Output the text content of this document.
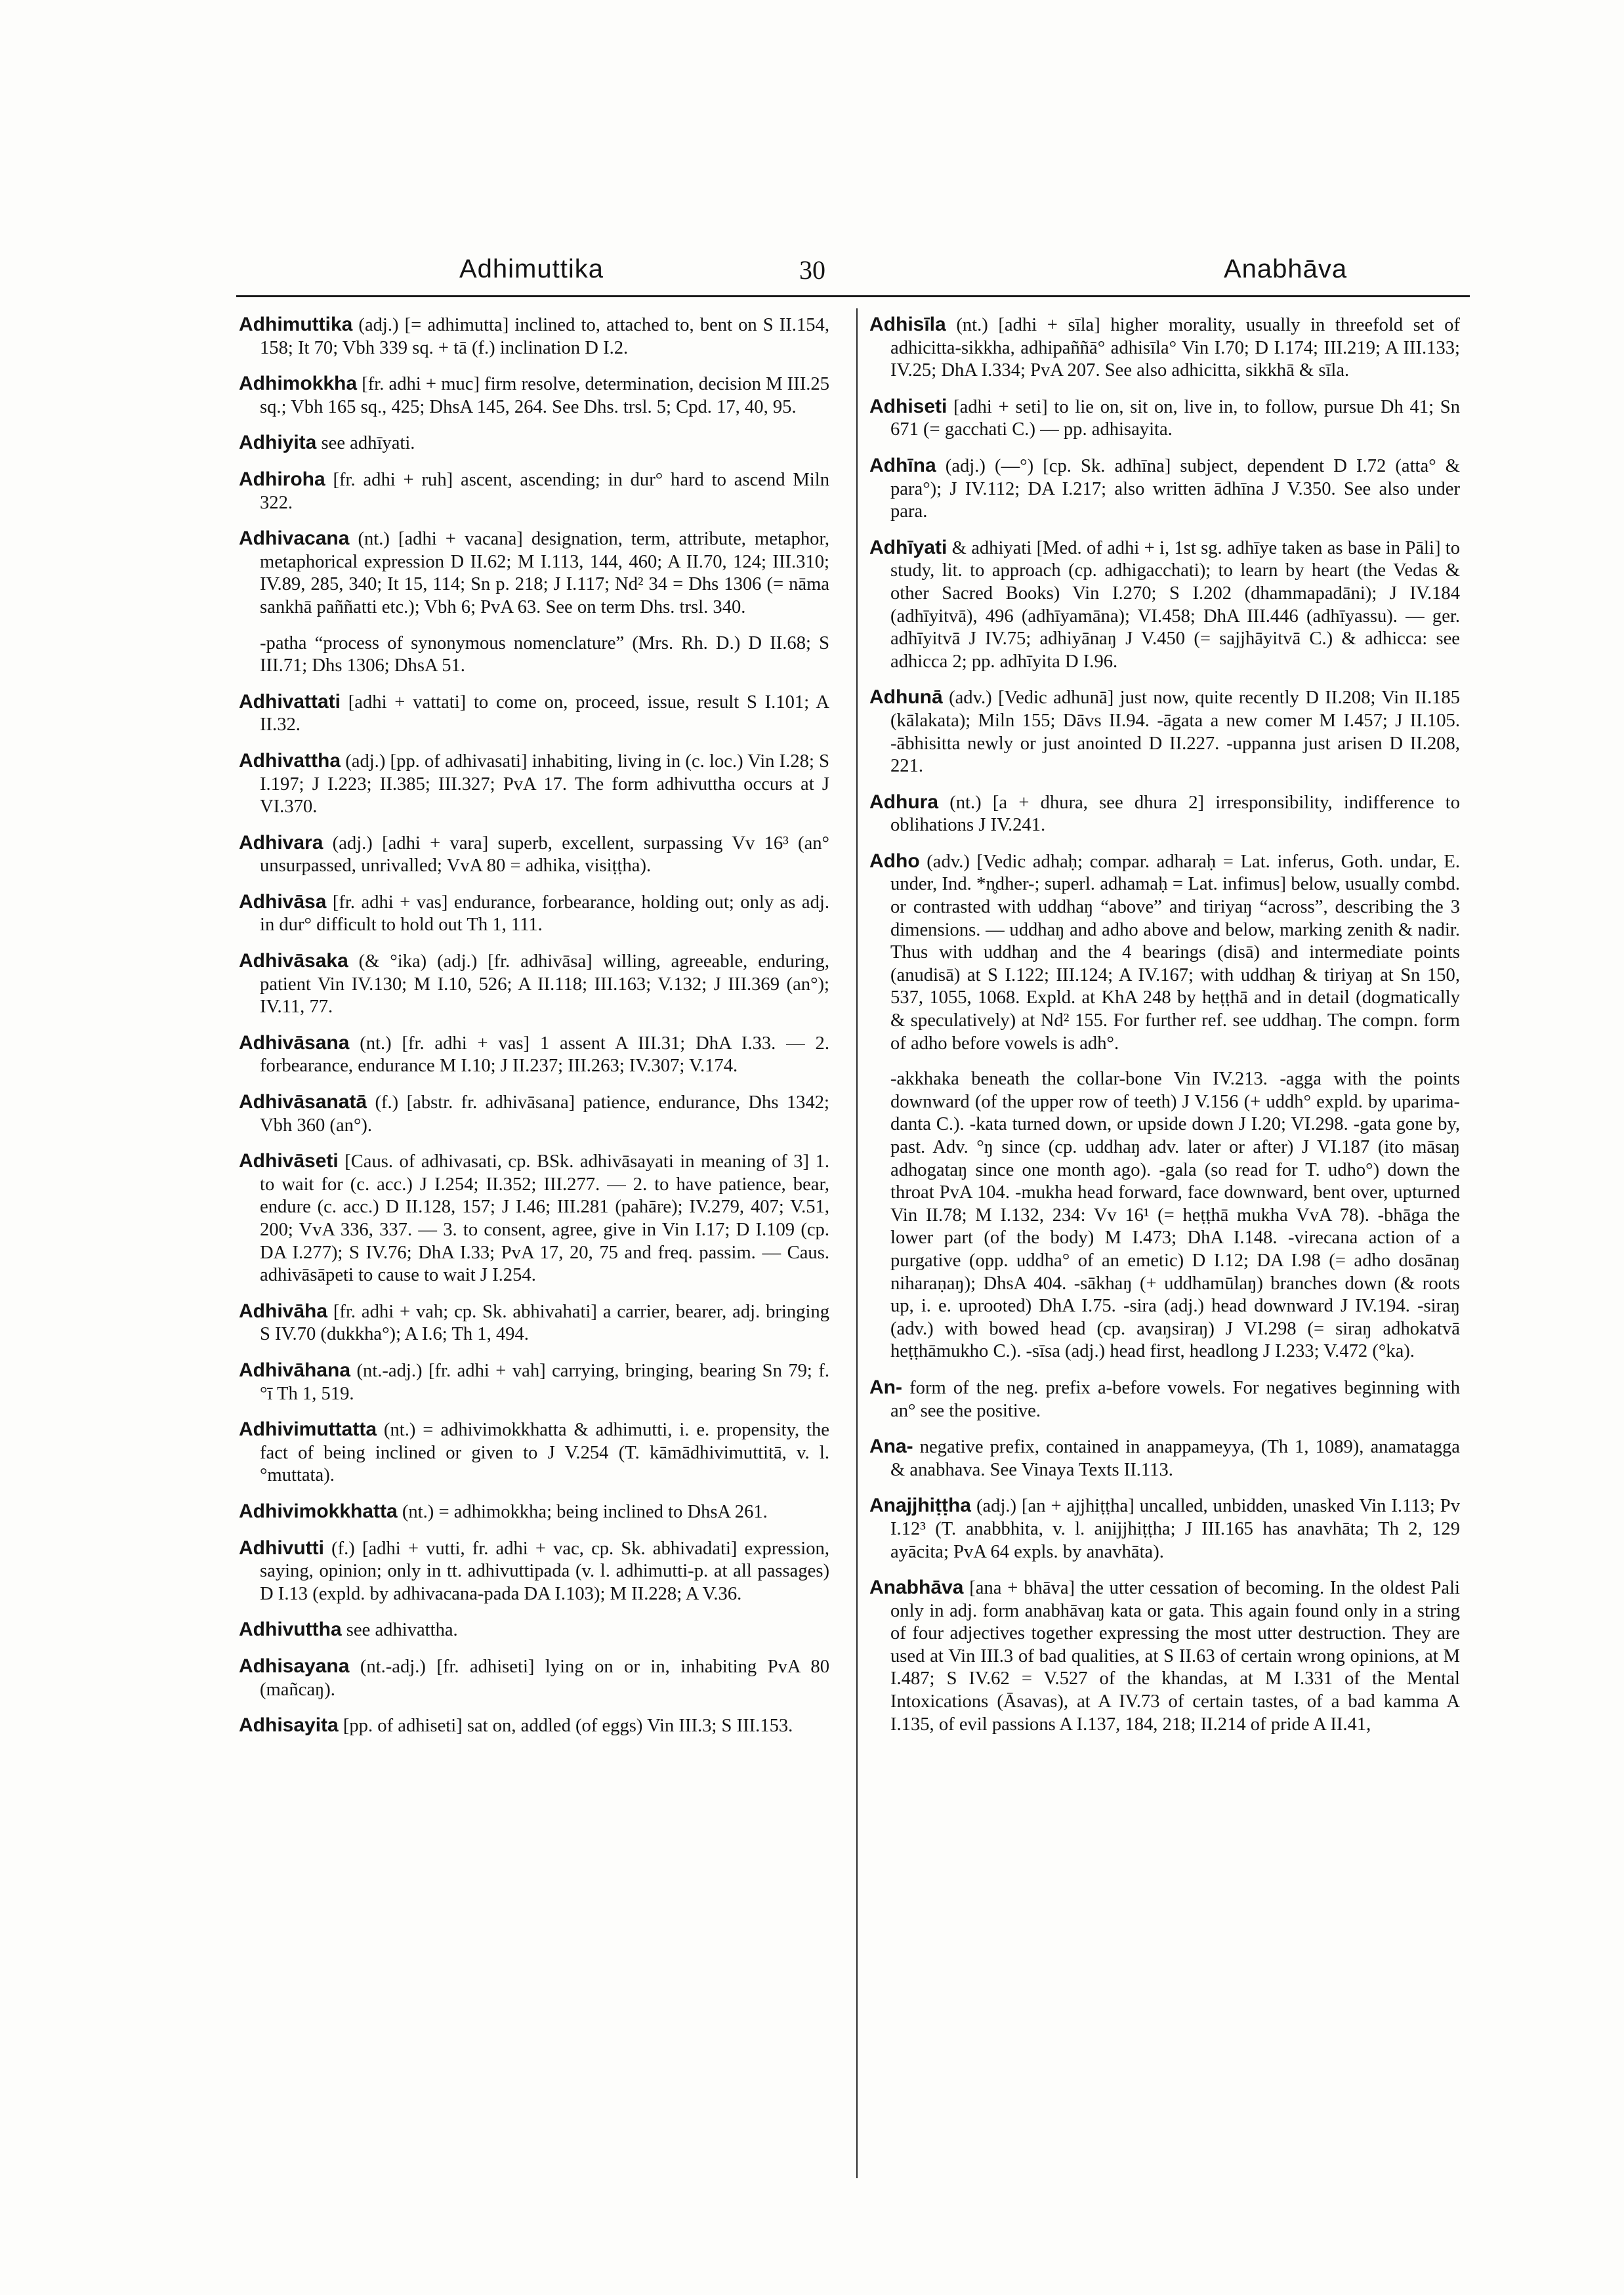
Adhimuttika	30	Anabhāva

Adhimuttika (adj.) [= adhimutta] inclined to, attached to, bent on S II.154, 158; It 70; Vbh 339 sq. + tā (f.) inclination D I.2.

Adhimokkha [fr. adhi + muc] firm resolve, determination, decision M III.25 sq.; Vbh 165 sq., 425; DhsA 145, 264. See Dhs. trsl. 5; Cpd. 17, 40, 95.

Adhiyita see adhīyati.

Adhiroha [fr. adhi + ruh] ascent, ascending; in dur° hard to ascend Miln 322.

Adhivacana (nt.) [adhi + vacana] designation, term, attribute, metaphor, metaphorical expression D II.62; M I.113, 144, 460; A II.70, 124; III.310; IV.89, 285, 340; It 15, 114; Sn p. 218; J I.117; Nd² 34 = Dhs 1306 (= nāma sankhā paññatti etc.); Vbh 6; PvA 63. See on term Dhs. trsl. 340.

-patha “process of synonymous nomenclature” (Mrs. Rh. D.) D II.68; S III.71; Dhs 1306; DhsA 51.

Adhivattati [adhi + vattati] to come on, proceed, issue, result S I.101; A II.32.

Adhivattha (adj.) [pp. of adhivasati] inhabiting, living in (c. loc.) Vin I.28; S I.197; J I.223; II.385; III.327; PvA 17. The form adhivuttha occurs at J VI.370.

Adhivara (adj.) [adhi + vara] superb, excellent, surpassing Vv 16³ (an° unsurpassed, unrivalled; VvA 80 = adhika, visiṭṭha).

Adhivāsa [fr. adhi + vas] endurance, forbearance, holding out; only as adj. in dur° difficult to hold out Th 1, 111.

Adhivāsaka (& °ika) (adj.) [fr. adhivāsa] willing, agreeable, enduring, patient Vin IV.130; M I.10, 526; A II.118; III.163; V.132; J III.369 (an°); IV.11, 77.

Adhivāsana (nt.) [fr. adhi + vas] 1 assent A III.31; DhA I.33. — 2. forbearance, endurance M I.10; J II.237; III.263; IV.307; V.174.

Adhivāsanatā (f.) [abstr. fr. adhivāsana] patience, endurance, Dhs 1342; Vbh 360 (an°).

Adhivāseti [Caus. of adhivasati, cp. BSk. adhivāsayati in meaning of 3] 1. to wait for (c. acc.) J I.254; II.352; III.277. — 2. to have patience, bear, endure (c. acc.) D II.128, 157; J I.46; III.281 (pahāre); IV.279, 407; V.51, 200; VvA 336, 337. — 3. to consent, agree, give in Vin I.17; D I.109 (cp. DA I.277); S IV.76; DhA I.33; PvA 17, 20, 75 and freq. passim. — Caus. adhivāsāpeti to cause to wait J I.254.

Adhivāha [fr. adhi + vah; cp. Sk. abhivahati] a carrier, bearer, adj. bringing S IV.70 (dukkha°); A I.6; Th 1, 494.

Adhivāhana (nt.-adj.) [fr. adhi + vah] carrying, bringing, bearing Sn 79; f. °ī Th 1, 519.

Adhivimuttatta (nt.) = adhivimokkhatta & adhimutti, i. e. propensity, the fact of being inclined or given to J V.254 (T. kāmādhivimuttitā, v. l. °muttata).

Adhivimokkhatta (nt.) = adhimokkha; being inclined to DhsA 261.

Adhivutti (f.) [adhi + vutti, fr. adhi + vac, cp. Sk. abhivadati] expression, saying, opinion; only in tt. adhivuttipada (v. l. adhimutti-p. at all passages) D I.13 (expld. by adhivacana-pada DA I.103); M II.228; A V.36.

Adhivuttha see adhivattha.

Adhisayana (nt.-adj.) [fr. adhiseti] lying on or in, inhabiting PvA 80 (mañcaŋ).

Adhisayita [pp. of adhiseti] sat on, addled (of eggs) Vin III.3; S III.153.

Adhisīla (nt.) [adhi + sīla] higher morality, usually in threefold set of adhicitta-sikkha, adhipaññā° adhisīla° Vin I.70; D I.174; III.219; A III.133; IV.25; DhA I.334; PvA 207. See also adhicitta, sikkhā & sīla.

Adhiseti [adhi + seti] to lie on, sit on, live in, to follow, pursue Dh 41; Sn 671 (= gacchati C.) — pp. adhisayita.

Adhīna (adj.) (—°) [cp. Sk. adhīna] subject, dependent D I.72 (atta° & para°); J IV.112; DA I.217; also written ādhīna J V.350. See also under para.

Adhīyati & adhiyati [Med. of adhi + i, 1st sg. adhīye taken as base in Pāli] to study, lit. to approach (cp. adhigacchati); to learn by heart (the Vedas & other Sacred Books) Vin I.270; S I.202 (dhammapadāni); J IV.184 (adhīyitvā), 496 (adhīyamāna); VI.458; DhA III.446 (adhīyassu). — ger. adhīyitvā J IV.75; adhiyānaŋ J V.450 (= sajjhāyitvā C.) & adhicca: see adhicca 2; pp. adhīyita D I.96.

Adhunā (adv.) [Vedic adhunā] just now, quite recently D II.208; Vin II.185 (kālakata); Miln 155; Dāvs II.94. -āgata a new comer M I.457; J II.105. -ābhisitta newly or just anointed D II.227. -uppanna just arisen D II.208, 221.

Adhura (nt.) [a + dhura, see dhura 2] irresponsibility, indifference to oblihations J IV.241.

Adho (adv.) [Vedic adhaḥ; compar. adharaḥ = Lat. inferus, Goth. undar, E. under, Ind. *n̥dher-; superl. adhamaḥ = Lat. infimus] below, usually combd. or contrasted with uddhaŋ “above” and tiriyaŋ “across”, describing the 3 dimensions. — uddhaŋ and adho above and below, marking zenith & nadir. Thus with uddhaŋ and the 4 bearings (disā) and intermediate points (anudisā) at S I.122; III.124; A IV.167; with uddhaŋ & tiriyaŋ at Sn 150, 537, 1055, 1068. Expld. at KhA 248 by heṭṭhā and in detail (dogmatically & speculatively) at Nd² 155. For further ref. see uddhaŋ. The compn. form of adho before vowels is adh°.

-akkhaka beneath the collar-bone Vin IV.213. -agga with the points downward (of the upper row of teeth) J V.156 (+ uddh° expld. by uparima-danta C.). -kata turned down, or upside down J I.20; VI.298. -gata gone by, past. Adv. °ŋ since (cp. uddhaŋ adv. later or after) J VI.187 (ito māsaŋ adhogataŋ since one month ago). -gala (so read for T. udho°) down the throat PvA 104. -mukha head forward, face downward, bent over, upturned Vin II.78; M I.132, 234: Vv 16¹ (= heṭṭhā mukha VvA 78). -bhāga the lower part (of the body) M I.473; DhA I.148. -virecana action of a purgative (opp. uddha° of an emetic) D I.12; DA I.98 (= adho dosānaŋ niharaṇaŋ); DhsA 404. -sākhaŋ (+ uddhamūlaŋ) branches down (& roots up, i. e. uprooted) DhA I.75. -sira (adj.) head downward J IV.194. -siraŋ (adv.) with bowed head (cp. avaŋsiraŋ) J VI.298 (= siraŋ adhokatvā heṭṭhāmukho C.). -sīsa (adj.) head first, headlong J I.233; V.472 (°ka).

An- form of the neg. prefix a-before vowels. For negatives beginning with an° see the positive.

Ana- negative prefix, contained in anappameyya, (Th 1, 1089), anamatagga & anabhava. See Vinaya Texts II.113.

Anajjhiṭṭha (adj.) [an + ajjhiṭṭha] uncalled, unbidden, unasked Vin I.113; Pv I.12³ (T. anabbhita, v. l. anijjhiṭṭha; J III.165 has anavhāta; Th 2, 129 ayācita; PvA 64 expls. by anavhāta).

Anabhāva [ana + bhāva] the utter cessation of becoming. In the oldest Pali only in adj. form anabhāvaŋ kata or gata. This again found only in a string of four adjectives together expressing the most utter destruction. They are used at Vin III.3 of bad qualities, at S II.63 of certain wrong opinions, at M I.487; S IV.62 = V.527 of the khandas, at M I.331 of the Mental Intoxications (Āsavas), at A IV.73 of certain tastes, of a bad kamma A I.135, of evil passions A I.137, 184, 218; II.214 of pride A II.41,
